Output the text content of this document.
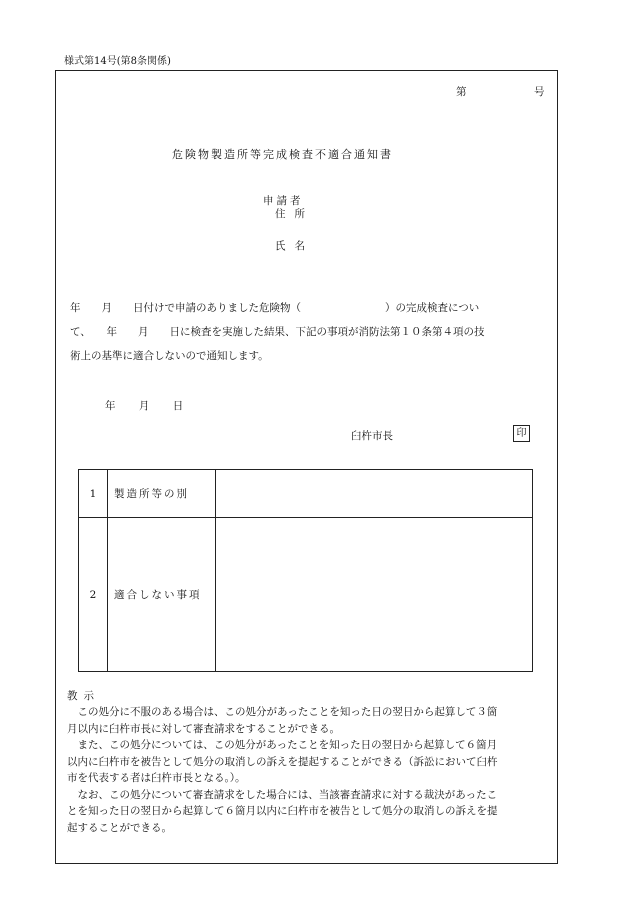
様式第14号(第8条関係)
第	号
危険物製造所等完成検査不適合通知書
申請者
住所
氏名
年　　月　　日付けで申請のありました危険物（　　　　　　　　）の完成検査につい
て、　　年　　月　　日に検査を実施した結果、下記の事項が消防法第１０条第４項の技
術上の基準に適合しないので通知します。
年 月 日
臼杵市長	印
1	製造所等の別	
2	適合しない事項	
教示
　この処分に不服のある場合は、この処分があったことを知った日の翌日から起算して３箇
月以内に臼杵市長に対して審査請求をすることができる。
　また、この処分については、この処分があったことを知った日の翌日から起算して６箇月
以内に臼杵市を被告として処分の取消しの訴えを提起することができる（訴訟において臼杵
市を代表する者は臼杵市長となる。）。
　なお、この処分について審査請求をした場合には、当該審査請求に対する裁決があったこ
とを知った日の翌日から起算して６箇月以内に臼杵市を被告として処分の取消しの訴えを提
起することができる。
